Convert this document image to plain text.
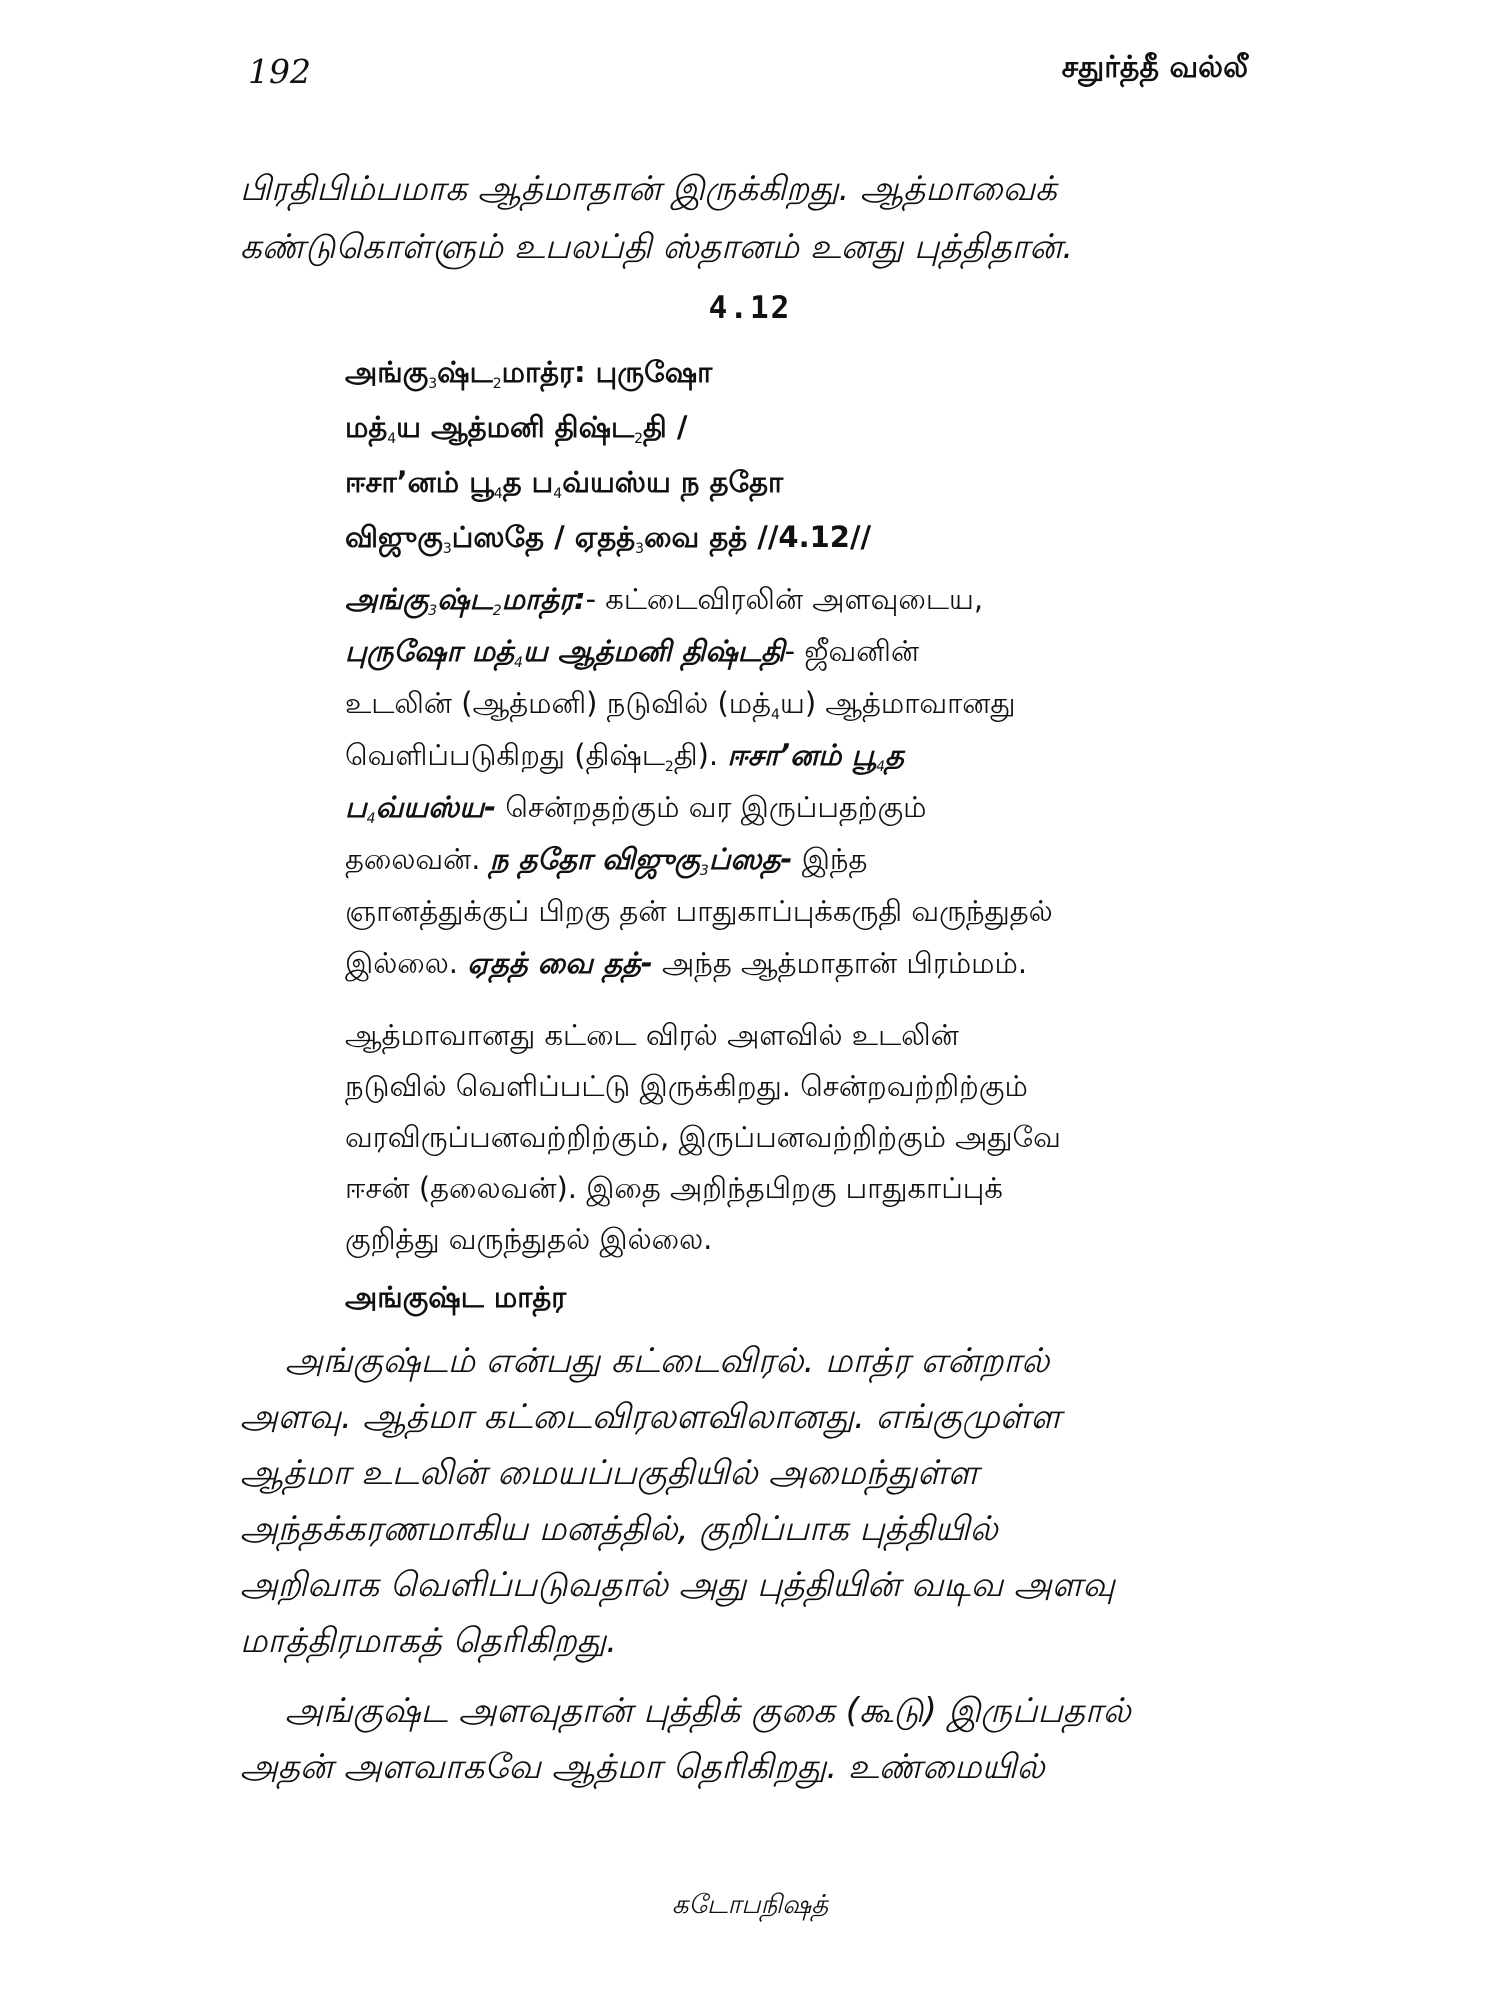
192	சதுர்த்தீ வல்லீ

பிரதிபிம்பமாக ஆத்மாதான் இருக்கிறது. ஆத்மாவைக்

கண்டுகொள்ளும் உபலப்தி ஸ்தானம் உனது புத்திதான்.

4.12
$அங்கு_3ஷ்ட_2மாத்ர$: புருஷோ
$மத்_4ய$ ஆத்மனி திஷ்ட$_2$தி /
ஈசா’னம் $பூ_4த$ ப$_4$வ்யஸ்ய ந ததோ
$விஜுகு_3ப்ஸதே$ / $ஏதத்_3வை$ தத் //4.12//
$அங்கு_3ஷ்ட_2மாத்ர:-$ கட்டைவிரலின் அளவுடைய,
புருஷோ $மத்_4ய$ ஆத்மனி திஷ்டதி- ஜீவனின்
உடலின் (ஆத்மனி) நடுவில் $(மத்_4ய)$ ஆத்மாவானது
வெளிப்படுகிறது (திஷ்ட$_2$தி). ஈசா’னம் $பூ_4த$
ப$_4$வ்யஸ்ய- சென்றதற்கும் வர இருப்பதற்கும்
தலைவன். ந ததோ $விஜுகு_3ப்ஸத-$ இந்த
ஞானத்துக்குப் பிறகு தன் பாதுகாப்புக்கருதி வருந்துதல்
இல்லை. ஏதத் வை தத்- அந்த ஆத்மாதான் பிரம்மம்.
ஆத்மாவானது கட்டை விரல் அளவில் உடலின்
நடுவில் வெளிப்பட்டு இருக்கிறது. சென்றவற்றிற்கும்
வரவிருப்பனவற்றிற்கும், இருப்பனவற்றிற்கும் அதுவே
ஈசன் (தலைவன்). இதை அறிந்தபிறகு பாதுகாப்புக்
குறித்து வருந்துதல் இல்லை.
அங்குஷ்ட மாத்ர

அங்குஷ்டம் என்பது கட்டைவிரல். மாத்ர என்றால்
அளவு. ஆத்மா கட்டைவிரலளவிலானது. எங்குமுள்ள
ஆத்மா உடலின் மையப்பகுதியில் அமைந்துள்ள
அந்தக்கரணமாகிய மனத்தில், குறிப்பாக புத்தியில்
அறிவாக வெளிப்படுவதால் அது புத்தியின் வடிவ அளவு
மாத்திரமாகத் தெரிகிறது.

அங்குஷ்ட அளவுதான் புத்திக் குகை (கூடு) இருப்பதால்
அதன் அளவாகவே ஆத்மா தெரிகிறது. உண்மையில்

கடோபநிஷத்
